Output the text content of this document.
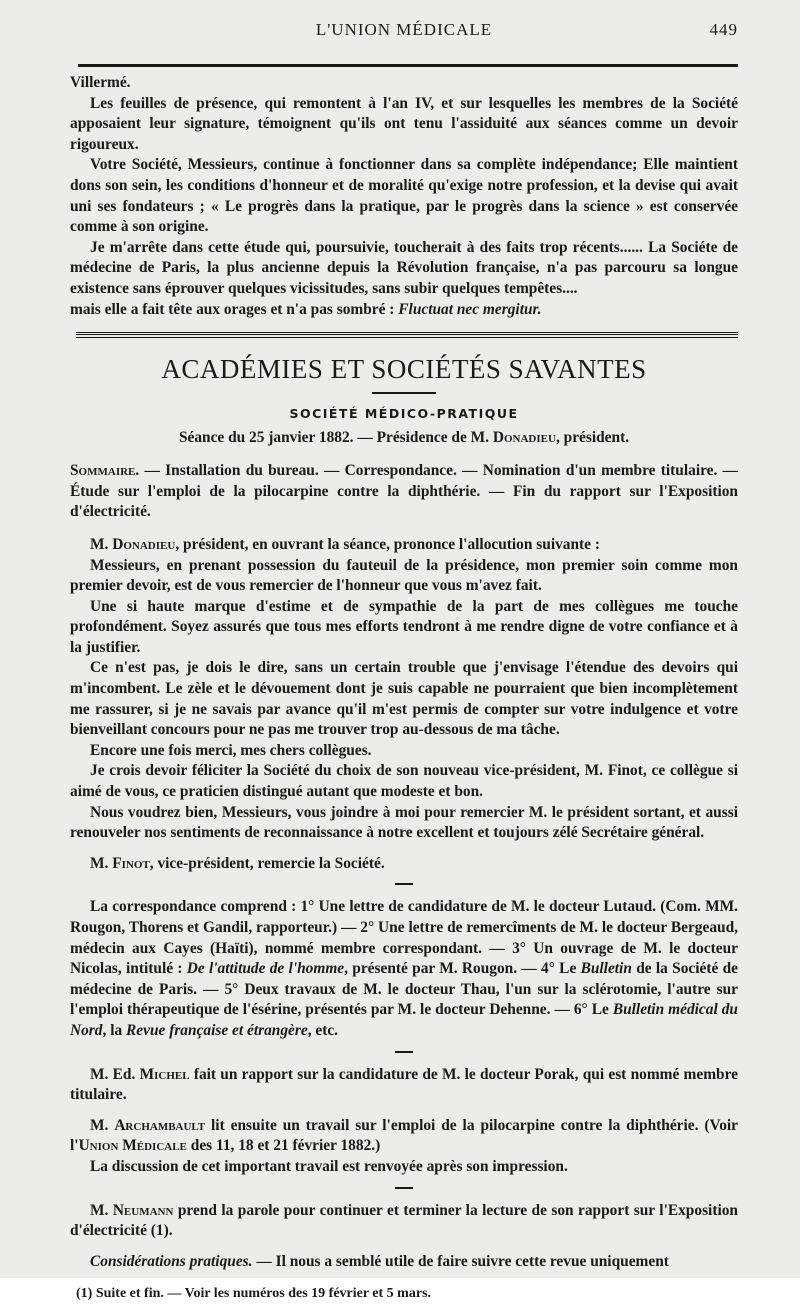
L'UNION MÉDICALE	449

Villermé.

Les feuilles de présence, qui remontent à l'an IV, et sur lesquelles les membres de la Société apposaient leur signature, témoignent qu'ils ont tenu l'assiduité aux séances comme un devoir rigoureux.

Votre Société, Messieurs, continue à fonctionner dans sa complète indépendance; Elle maintient dons son sein, les conditions d'honneur et de moralité qu'exige notre profession, et la devise qui avait uni ses fondateurs ; « Le progrès dans la pratique, par le progrès dans la science » est conservée comme à son origine.

Je m'arrête dans cette étude qui, poursuivie, toucherait à des faits trop récents...... La Sociéte de médecine de Paris, la plus ancienne depuis la Révolution française, n'a pas parcouru sa longue existence sans éprouver quelques vicissitudes, sans subir quelques tempêtes....

mais elle a fait tête aux orages et n'a pas sombré : Fluctuat nec mergitur.

ACADÉMIES ET SOCIÉTÉS SAVANTES
SOCIÉTÉ MÉDICO-PRATIQUE
Séance du 25 janvier 1882. — Présidence de M. Donadieu, président.

Sommaire. — Installation du bureau. — Correspondance. — Nomination d'un membre titulaire. — Étude sur l'emploi de la pilocarpine contre la diphthérie. — Fin du rapport sur l'Exposition d'électricité.

M. Donadieu, président, en ouvrant la séance, prononce l'allocution suivante :

Messieurs, en prenant possession du fauteuil de la présidence, mon premier soin comme mon premier devoir, est de vous remercier de l'honneur que vous m'avez fait.

Une si haute marque d'estime et de sympathie de la part de mes collègues me touche profondément. Soyez assurés que tous mes efforts tendront à me rendre digne de votre confiance et à la justifier.

Ce n'est pas, je dois le dire, sans un certain trouble que j'envisage l'étendue des devoirs qui m'incombent. Le zèle et le dévouement dont je suis capable ne pourraient que bien incomplètement me rassurer, si je ne savais par avance qu'il m'est permis de compter sur votre indulgence et votre bienveillant concours pour ne pas me trouver trop au-dessous de ma tâche.

Encore une fois merci, mes chers collègues.

Je crois devoir féliciter la Société du choix de son nouveau vice-président, M. Finot, ce collègue si aimé de vous, ce praticien distingué autant que modeste et bon.

Nous voudrez bien, Messieurs, vous joindre à moi pour remercier M. le président sortant, et aussi renouveler nos sentiments de reconnaissance à notre excellent et toujours zélé Secrétaire général.

M. Finot, vice-président, remercie la Société.

La correspondance comprend : 1° Une lettre de candidature de M. le docteur Lutaud. (Com. MM. Rougon, Thorens et Gandil, rapporteur.) — 2° Une lettre de remercîments de M. le docteur Bergeaud, médecin aux Cayes (Haïti), nommé membre correspondant. — 3° Un ouvrage de M. le docteur Nicolas, intitulé : De l'attitude de l'homme, présenté par M. Rougon. — 4° Le Bulletin de la Société de médecine de Paris. — 5° Deux travaux de M. le docteur Thau, l'un sur la sclérotomie, l'autre sur l'emploi thérapeutique de l'ésérine, présentés par M. le docteur Dehenne. — 6° Le Bulletin médical du Nord, la Revue française et étrangère, etc.

M. Ed. Michel fait un rapport sur la candidature de M. le docteur Porak, qui est nommé membre titulaire.

M. Archambault lit ensuite un travail sur l'emploi de la pilocarpine contre la diphthérie. (Voir l'Union Médicale des 11, 18 et 21 février 1882.)

La discussion de cet important travail est renvoyée après son impression.

M. Neumann prend la parole pour continuer et terminer la lecture de son rapport sur l'Exposition d'électricité (1).

Considérations pratiques. — Il nous a semblé utile de faire suivre cette revue uniquement

(1) Suite et fin. — Voir les numéros des 19 février et 5 mars.
